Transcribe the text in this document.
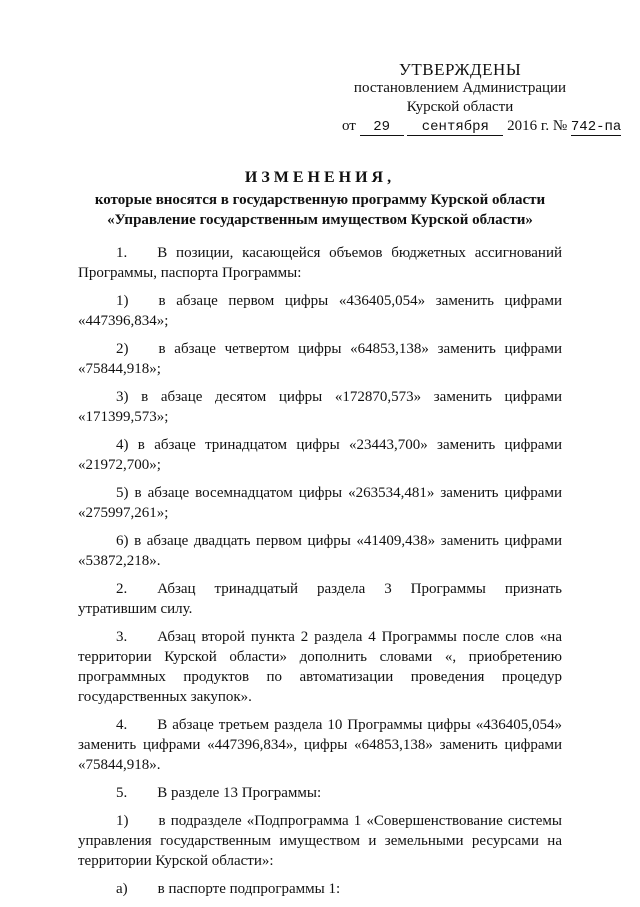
УТВЕРЖДЕНЫ
постановлением Администрации
Курской области
от 29 сентября 2016 г. № 742-па
ИЗМЕНЕНИЯ,
которые вносятся в государственную программу Курской области
«Управление государственным имуществом Курской области»

1.  В позиции, касающейся объемов бюджетных ассигнований Программы, паспорта Программы:

1)  в абзаце первом цифры «436405,054» заменить цифрами «447396,834»;

2)  в абзаце четвертом цифры «64853,138» заменить цифрами «75844,918»;

3) в абзаце десятом цифры «172870,573» заменить цифрами «171399,573»;

4) в абзаце тринадцатом цифры «23443,700» заменить цифрами «21972,700»;

5) в абзаце восемнадцатом цифры «263534,481» заменить цифрами «275997,261»;

6) в абзаце двадцать первом цифры «41409,438» заменить цифрами «53872,218».

2.  Абзац тринадцатый раздела 3 Программы признать утратившим силу.

3.  Абзац второй пункта 2 раздела 4 Программы после слов «на территории Курской области» дополнить словами «, приобретению программных продуктов по автоматизации проведения процедур государственных закупок».

4.  В абзаце третьем раздела 10 Программы цифры «436405,054» заменить цифрами «447396,834», цифры «64853,138» заменить цифрами «75844,918».

5.  В разделе 13 Программы:

1)  в подразделе «Подпрограмма 1 «Совершенствование системы управления государственным имуществом и земельными ресурсами на территории Курской области»:

а)  в паспорте подпрограммы 1:
